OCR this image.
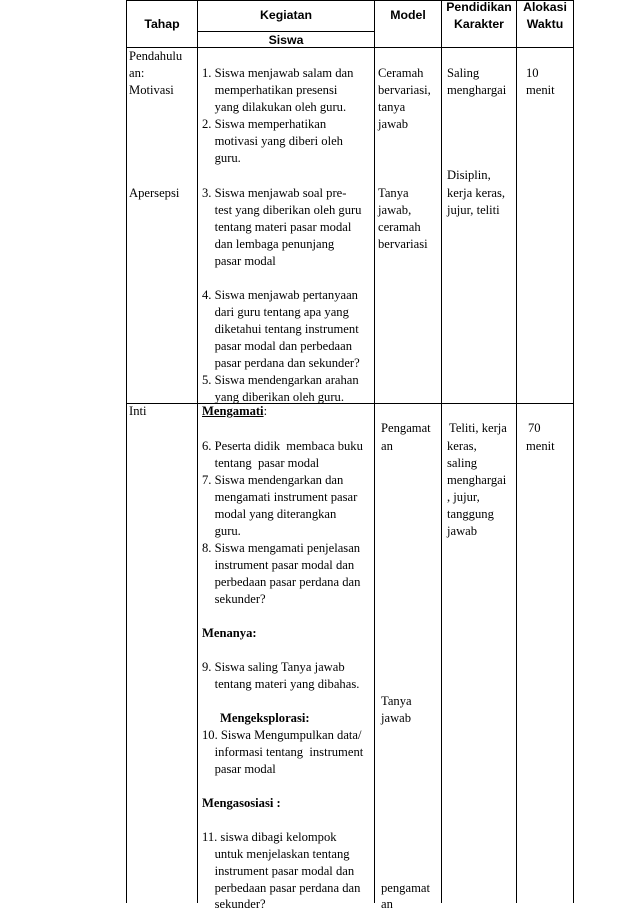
Tahap
Kegiatan
Siswa
Model
Pendidikan
Karakter
Alokasi
Waktu
Pendahulu
an:
Motivasi
Apersepsi
1. Siswa menjawab salam dan
memperhatikan presensi
yang dilakukan oleh guru.
2. Siswa memperhatikan
motivasi yang diberi oleh
guru.
3. Siswa menjawab soal pre-
test yang diberikan oleh guru
tentang materi pasar modal
dan lembaga penunjang
pasar modal
4. Siswa menjawab pertanyaan
dari guru tentang apa yang
diketahui tentang instrument
pasar modal dan perbedaan
pasar perdana dan sekunder?
5. Siswa mendengarkan arahan
yang diberikan oleh guru.
Ceramah
bervariasi,
tanya
jawab
Tanya
jawab,
ceramah
bervariasi
Saling
menghargai
Disiplin,
kerja keras,
jujur, teliti
10
menit
Inti	Mengamati:
6. Peserta didik  membaca buku
tentang  pasar modal
7. Siswa mendengarkan dan
mengamati instrument pasar
modal yang diterangkan
guru.
8. Siswa mengamati penjelasan
instrument pasar modal dan
perbedaan pasar perdana dan
sekunder?
Menanya:
9. Siswa saling Tanya jawab
tentang materi yang dibahas.
Mengeksplorasi:
10. Siswa Mengumpulkan data/
informasi tentang  instrument
pasar modal
Mengasosiasi :
11. siswa dibagi kelompok
untuk menjelaskan tentang
instrument pasar modal dan
perbedaan pasar perdana dan
sekunder?
Pengamat
an
Tanya
jawab
pengamat
an
Teliti, kerja
keras,
saling
menghargai
, jujur,
tanggung
jawab
70
menit
